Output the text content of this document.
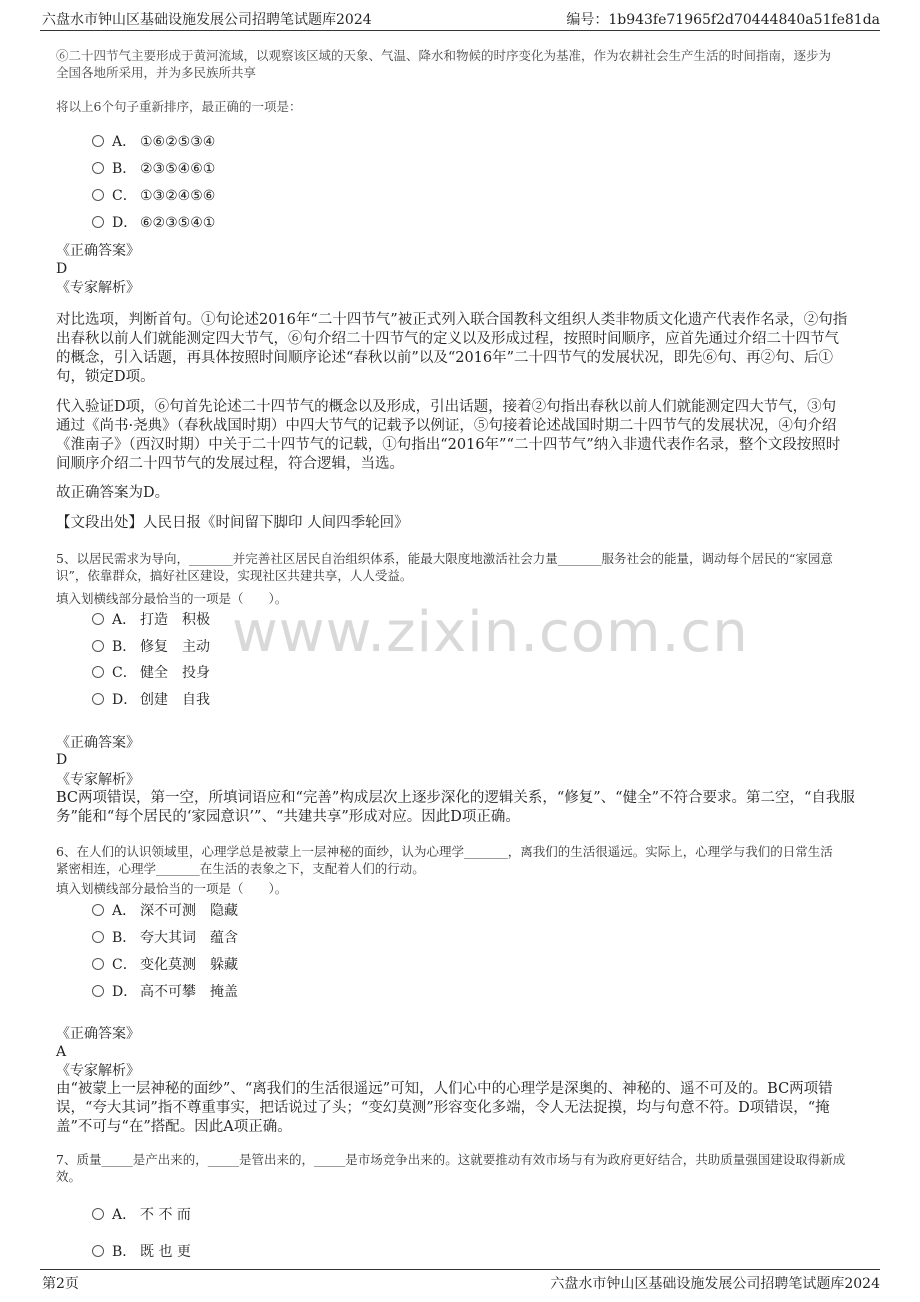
六盘水市钟山区基础设施发展公司招聘笔试题库2024	编号：1b943fe71965f2d70444840a51fe81da
www.zixin.com.cn
⑥二十四节气主要形成于黄河流域，以观察该区域的天象、气温、降水和物候的时序变化为基准，作为农耕社会生产生活的时间指南，逐步为
全国各地所采用，并为多民族所共享
将以上6个句子重新排序，最正确的一项是：
A． ①⑥②⑤③④
B． ②③⑤④⑥①
C． ①③②④⑤⑥
D． ⑥②③⑤④①
《正确答案》
D
《专家解析》
对比选项，判断首句。①句论述2016年“二十四节气”被正式列入联合国教科文组织人类非物质文化遗产代表作名录，②句指
出春秋以前人们就能测定四大节气，⑥句介绍二十四节气的定义以及形成过程，按照时间顺序，应首先通过介绍二十四节气
的概念，引入话题，再具体按照时间顺序论述“春秋以前”以及“2016年”二十四节气的发展状况，即先⑥句、再②句、后①
句，锁定D项。
代入验证D项，⑥句首先论述二十四节气的概念以及形成，引出话题，接着②句指出春秋以前人们就能测定四大节气，③句
通过《尚书·尧典》（春秋战国时期）中四大节气的记载予以例证，⑤句接着论述战国时期二十四节气的发展状况，④句介绍
《淮南子》（西汉时期）中关于二十四节气的记载，①句指出“2016年”“二十四节气”纳入非遗代表作名录，整个文段按照时
间顺序介绍二十四节气的发展过程，符合逻辑，当选。
故正确答案为D。
【文段出处】人民日报《时间留下脚印 人间四季轮回》
5、以居民需求为导向，_______并完善社区居民自治组织体系，能最大限度地激活社会力量_______服务社会的能量，调动每个居民的“家园意
识”，依靠群众，搞好社区建设，实现社区共建共享，人人受益。
填入划横线部分最恰当的一项是（　　）。
A． 打造　积极
B． 修复　主动
C． 健全　投身
D． 创建　自我
《正确答案》
D
《专家解析》
BC两项错误，第一空，所填词语应和“完善”构成层次上逐步深化的逻辑关系，“修复”、“健全”不符合要求。第二空，“自我服
务”能和“每个居民的‘家园意识’”、“共建共享”形成对应。因此D项正确。
6、在人们的认识领域里，心理学总是被蒙上一层神秘的面纱，认为心理学_______，离我们的生活很遥远。实际上，心理学与我们的日常生活
紧密相连，心理学_______在生活的表象之下，支配着人们的行动。
填入划横线部分最恰当的一项是（　　）。
A． 深不可测　隐藏
B． 夸大其词　蕴含
C． 变化莫测　躲藏
D． 高不可攀　掩盖
《正确答案》
A
《专家解析》
由“被蒙上一层神秘的面纱”、“离我们的生活很遥远”可知，人们心中的心理学是深奥的、神秘的、遥不可及的。BC两项错
误，“夸大其词”指不尊重事实，把话说过了头；“变幻莫测”形容变化多端，令人无法捉摸，均与句意不符。D项错误，“掩
盖”不可与“在”搭配。因此A项正确。
7、质量_____是产出来的，_____是管出来的，_____是市场竞争出来的。这就要推动有效市场与有为政府更好结合，共助质量强国建设取得新成
效。
A． 不 不 而
B． 既 也 更
第2页	六盘水市钟山区基础设施发展公司招聘笔试题库2024
